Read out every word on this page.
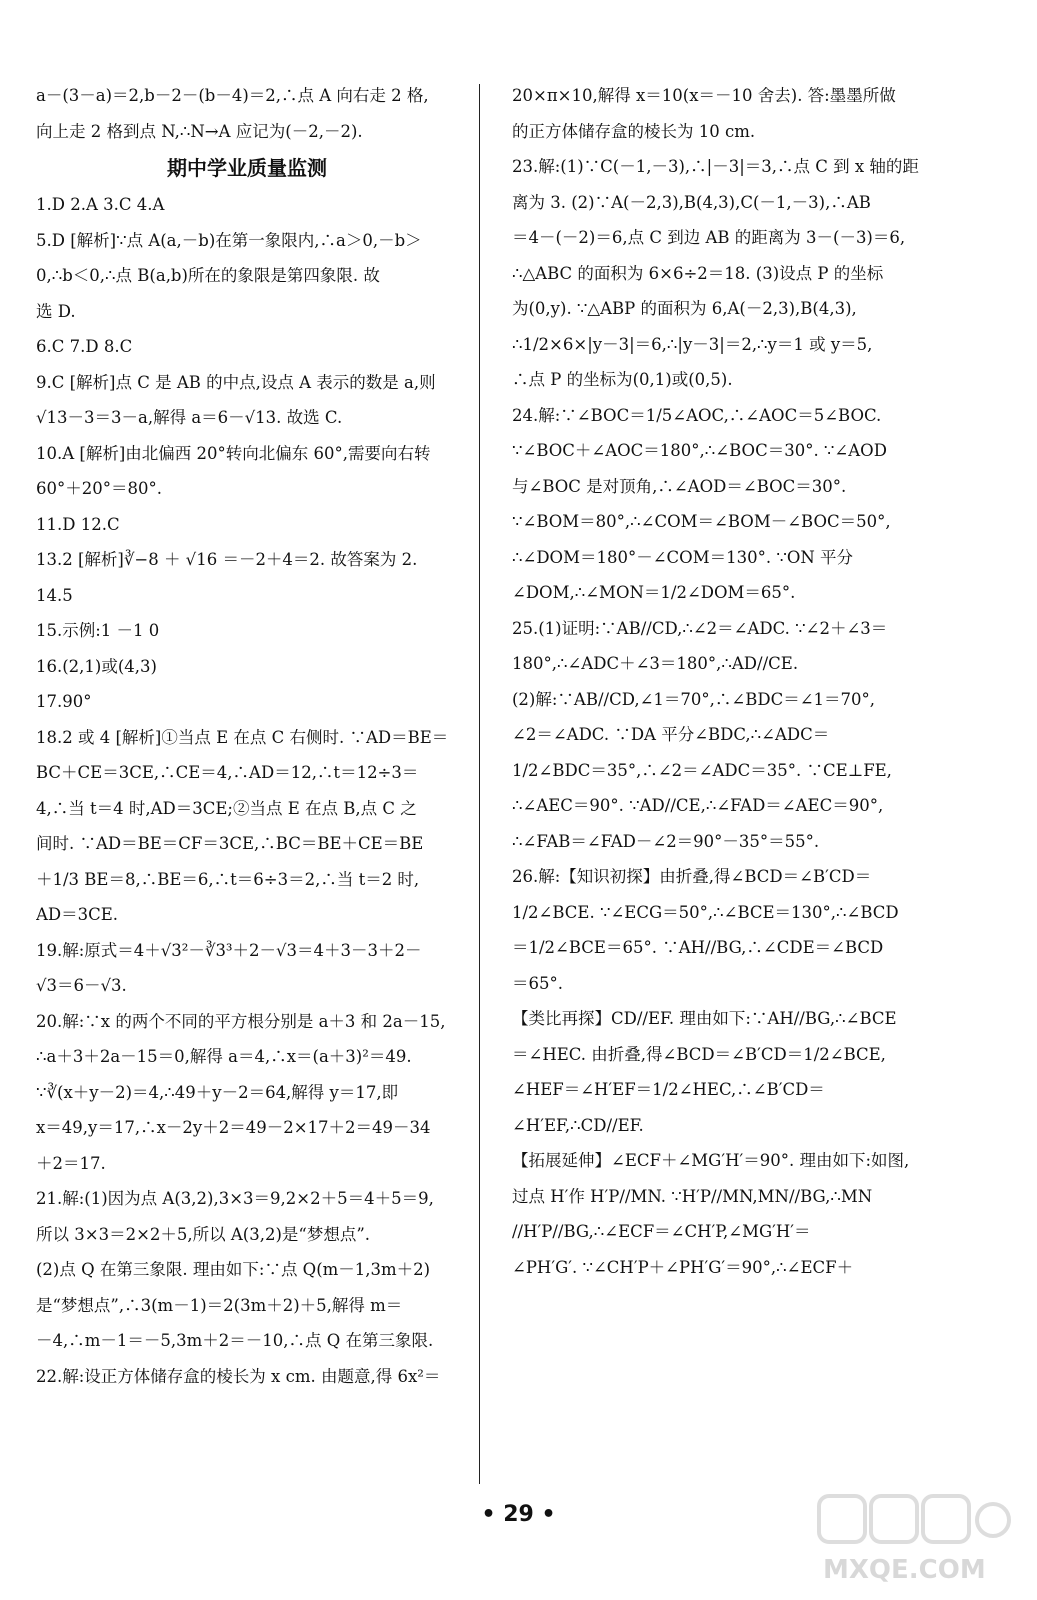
a－(3－a)＝2,b－2－(b－4)＝2,∴点 A 向右走 2 格,
向上走 2 格到点 N,∴N→A 应记为(－2,－2).
期中学业质量监测
1.D 2.A 3.C 4.A
5.D [解析]∵点 A(a,－b)在第一象限内,∴a＞0,－b＞
0,∴b＜0,∴点 B(a,b)所在的象限是第四象限. 故
选 D.
6.C 7.D 8.C
9.C [解析]点 C 是 AB 的中点,设点 A 表示的数是 a,则
√13－3＝3－a,解得 a＝6－√13. 故选 C.
10.A [解析]由北偏西 20°转向北偏东 60°,需要向右转
60°＋20°＝80°.
11.D 12.C
13.2 [解析]∛−8 ＋ √16 ＝－2＋4＝2. 故答案为 2.
14.5
15.示例:1 －1 0
16.(2,1)或(4,3)
17.90°
18.2 或 4 [解析]①当点 E 在点 C 右侧时. ∵AD＝BE＝
BC＋CE＝3CE,∴CE＝4,∴AD＝12,∴t＝12÷3＝
4,∴当 t＝4 时,AD＝3CE;②当点 E 在点 B,点 C 之
间时. ∵AD＝BE＝CF＝3CE,∴BC＝BE＋CE＝BE
＋1/3 BE＝8,∴BE＝6,∴t＝6÷3＝2,∴当 t＝2 时,
AD＝3CE.
19.解:原式＝4＋√3²－∛3³＋2－√3＝4＋3－3＋2－
√3＝6－√3.
20.解:∵x 的两个不同的平方根分别是 a＋3 和 2a－15,
∴a＋3＋2a－15＝0,解得 a＝4,∴x＝(a＋3)²＝49.
∵∛(x＋y－2)＝4,∴49＋y－2＝64,解得 y＝17,即
x＝49,y＝17,∴x－2y＋2＝49－2×17＋2＝49－34
＋2＝17.
21.解:(1)因为点 A(3,2),3×3＝9,2×2＋5＝4＋5＝9,
所以 3×3＝2×2＋5,所以 A(3,2)是“梦想点”.
(2)点 Q 在第三象限. 理由如下:∵点 Q(m－1,3m＋2)
是“梦想点”,∴3(m－1)＝2(3m＋2)＋5,解得 m＝
－4,∴m－1＝－5,3m＋2＝－10,∴点 Q 在第三象限.
22.解:设正方体储存盒的棱长为 x cm. 由题意,得 6x²＝
20×π×10,解得 x＝10(x＝－10 舍去). 答:墨墨所做
的正方体储存盒的棱长为 10 cm.
23.解:(1)∵C(－1,－3),∴|－3|＝3,∴点 C 到 x 轴的距
离为 3. (2)∵A(－2,3),B(4,3),C(－1,－3),∴AB
＝4－(－2)＝6,点 C 到边 AB 的距离为 3－(－3)＝6,
∴△ABC 的面积为 6×6÷2＝18. (3)设点 P 的坐标
为(0,y). ∵△ABP 的面积为 6,A(－2,3),B(4,3),
∴1/2×6×|y－3|＝6,∴|y－3|＝2,∴y＝1 或 y＝5,
∴点 P 的坐标为(0,1)或(0,5).
24.解:∵∠BOC＝1/5∠AOC,∴∠AOC＝5∠BOC.
∵∠BOC＋∠AOC＝180°,∴∠BOC＝30°. ∵∠AOD
与∠BOC 是对顶角,∴∠AOD＝∠BOC＝30°.
∵∠BOM＝80°,∴∠COM＝∠BOM－∠BOC＝50°,
∴∠DOM＝180°－∠COM＝130°. ∵ON 平分
∠DOM,∴∠MON＝1/2∠DOM＝65°.
25.(1)证明:∵AB//CD,∴∠2＝∠ADC. ∵∠2＋∠3＝
180°,∴∠ADC＋∠3＝180°,∴AD//CE.
(2)解:∵AB//CD,∠1＝70°,∴∠BDC＝∠1＝70°,
∠2＝∠ADC. ∵DA 平分∠BDC,∴∠ADC＝
1/2∠BDC＝35°,∴∠2＝∠ADC＝35°. ∵CE⊥FE,
∴∠AEC＝90°. ∵AD//CE,∴∠FAD＝∠AEC＝90°,
∴∠FAB＝∠FAD－∠2＝90°－35°＝55°.
26.解:【知识初探】由折叠,得∠BCD＝∠B′CD＝
1/2∠BCE. ∵∠ECG＝50°,∴∠BCE＝130°,∴∠BCD
＝1/2∠BCE＝65°. ∵AH//BG,∴∠CDE＝∠BCD
＝65°.
【类比再探】CD//EF. 理由如下:∵AH//BG,∴∠BCE
＝∠HEC. 由折叠,得∠BCD＝∠B′CD＝1/2∠BCE,
∠HEF＝∠H′EF＝1/2∠HEC,∴∠B′CD＝
∠H′EF,∴CD//EF.
【拓展延伸】∠ECF＋∠MG′H′＝90°. 理由如下:如图,
过点 H′作 H′P//MN. ∵H′P//MN,MN//BG,∴MN
//H′P//BG,∴∠ECF＝∠CH′P,∠MG′H′＝
∠PH′G′. ∵∠CH′P＋∠PH′G′＝90°,∴∠ECF＋
• 29 •
MXQE.COM
